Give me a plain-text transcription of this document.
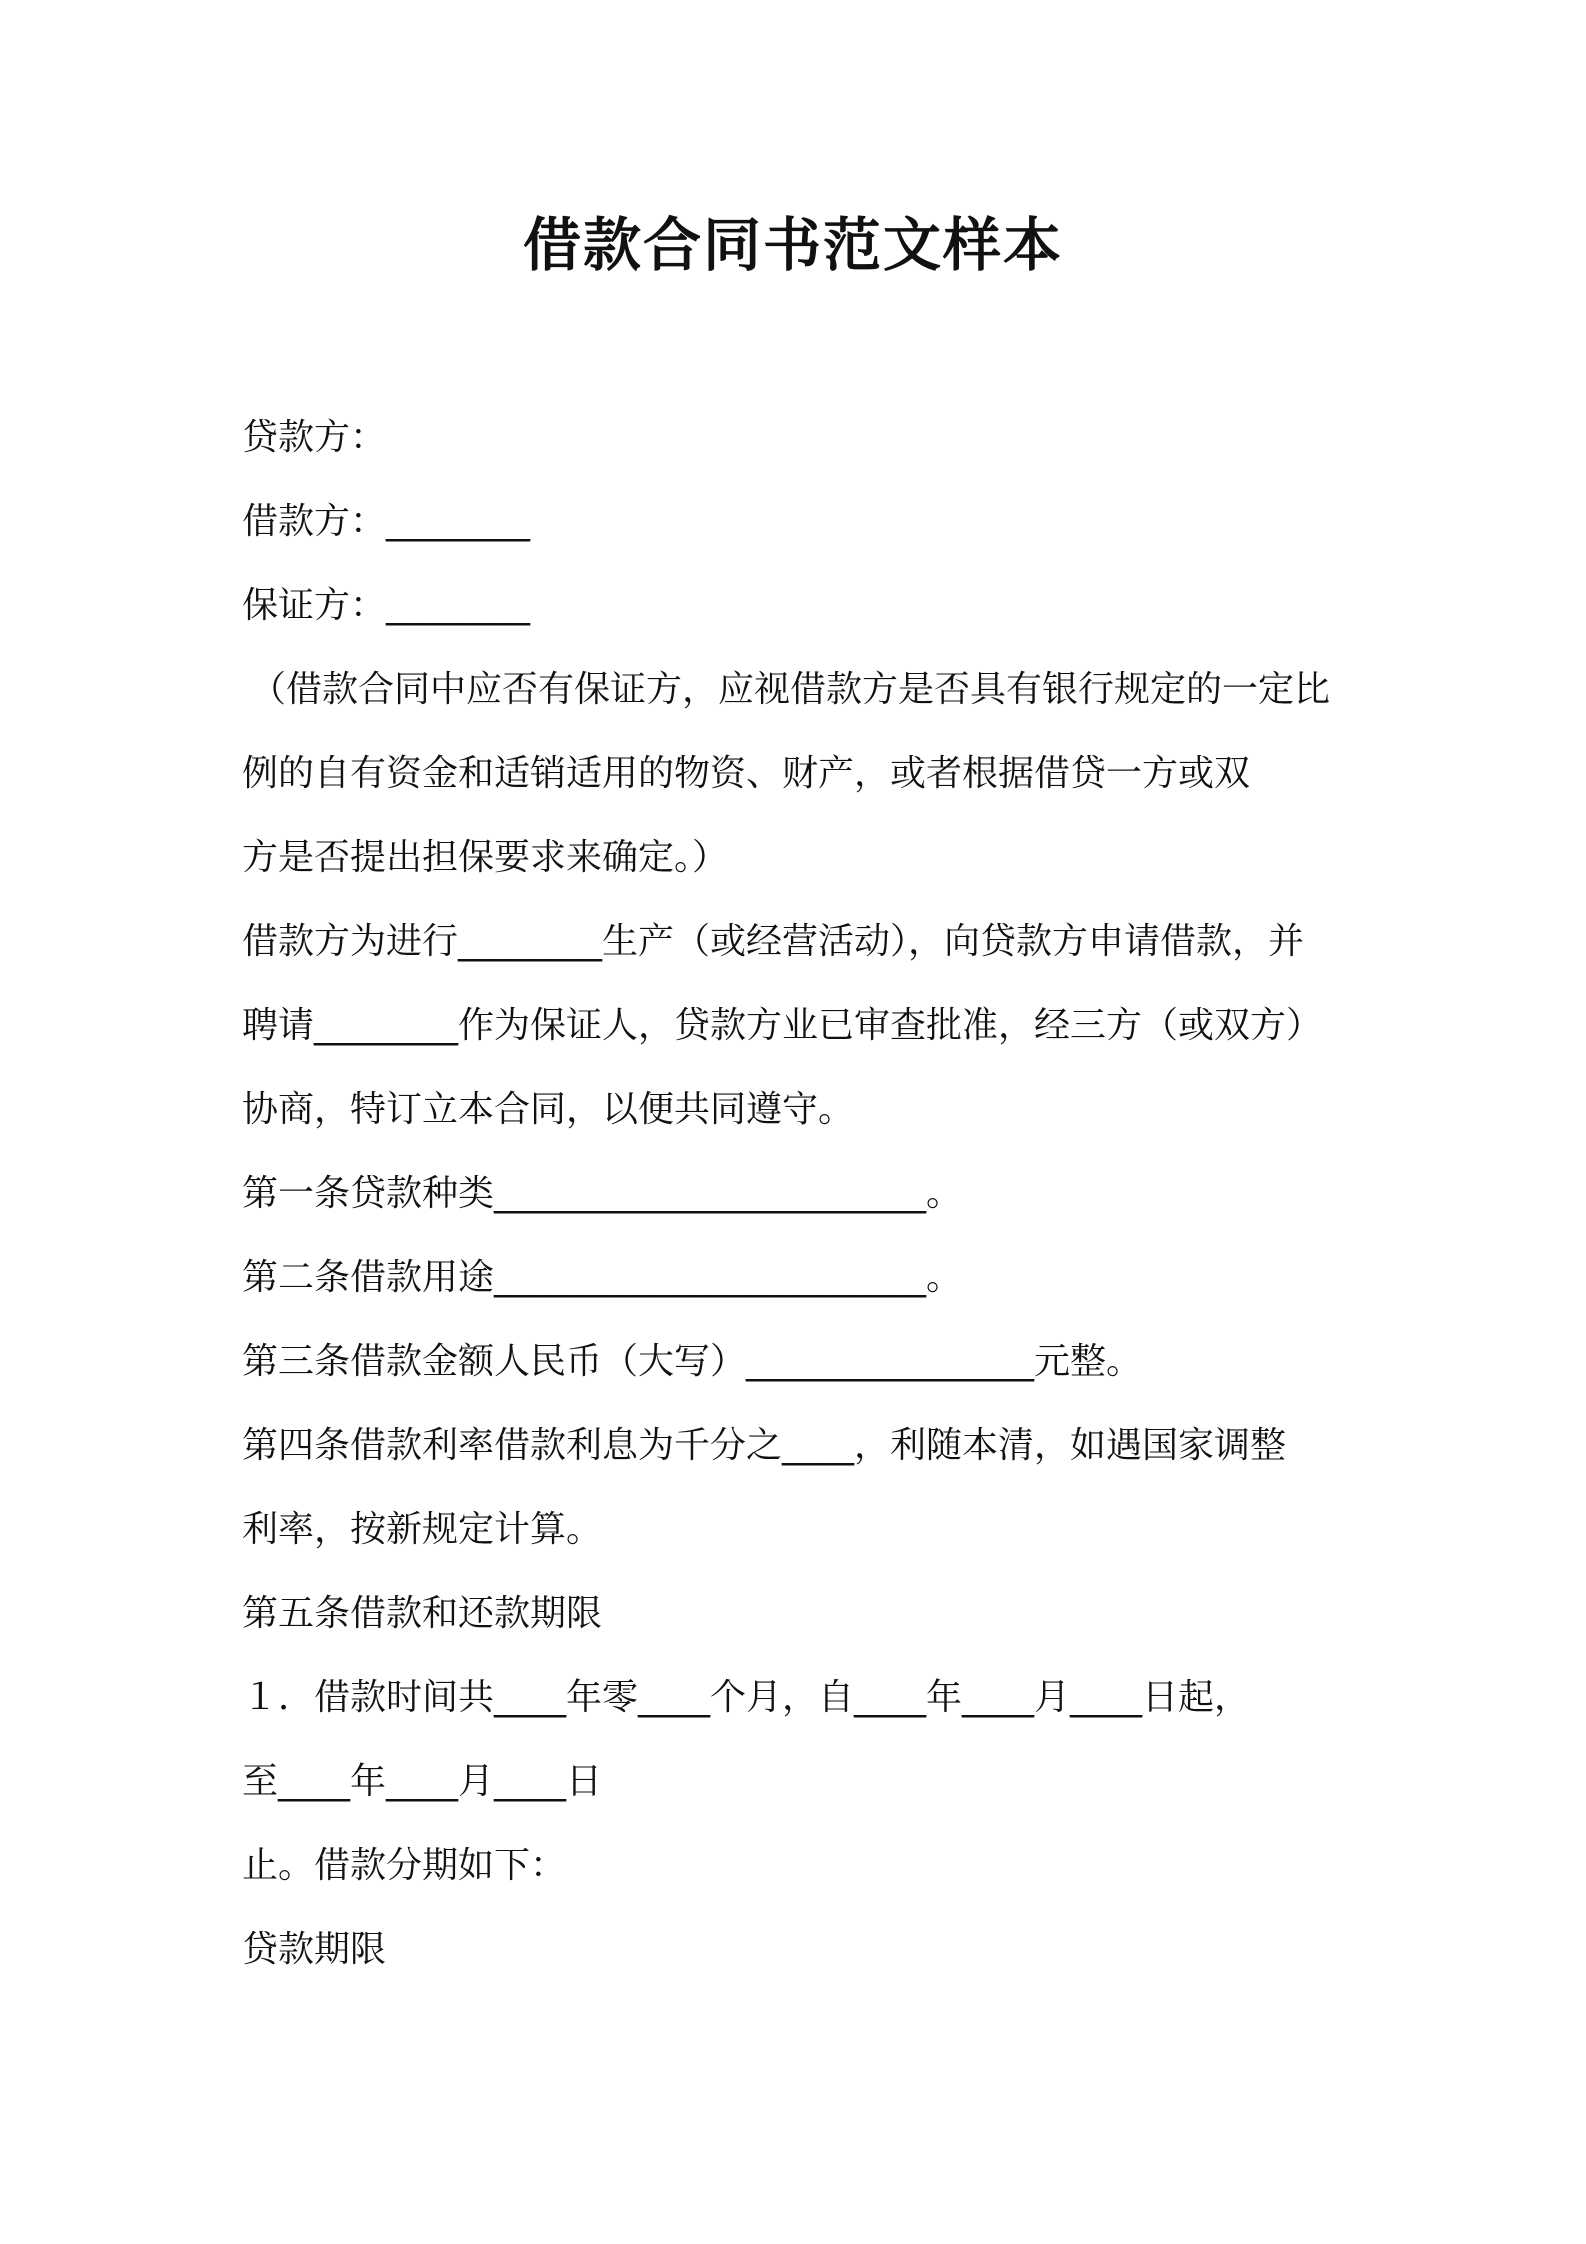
借款合同书范文样本

贷款方：

借款方：________

保证方：________

（借款合同中应否有保证方，应视借款方是否具有银行规定的一定比

例的自有资金和适销适用的物资、财产，或者根据借贷一方或双

方是否提出担保要求来确定。）

借款方为进行________生产（或经营活动），向贷款方申请借款，并

聘请________作为保证人，贷款方业已审查批准，经三方（或双方）

协商，特订立本合同，以便共同遵守。

第一条贷款种类________________________。

第二条借款用途________________________。

第三条借款金额人民币（大写）________________元整。

第四条借款利率借款利息为千分之____，利随本清，如遇国家调整

利率，按新规定计算。

第五条借款和还款期限

１．借款时间共____年零____个月，自____年____月____日起，

至____年____月____日

止。借款分期如下：

贷款期限
